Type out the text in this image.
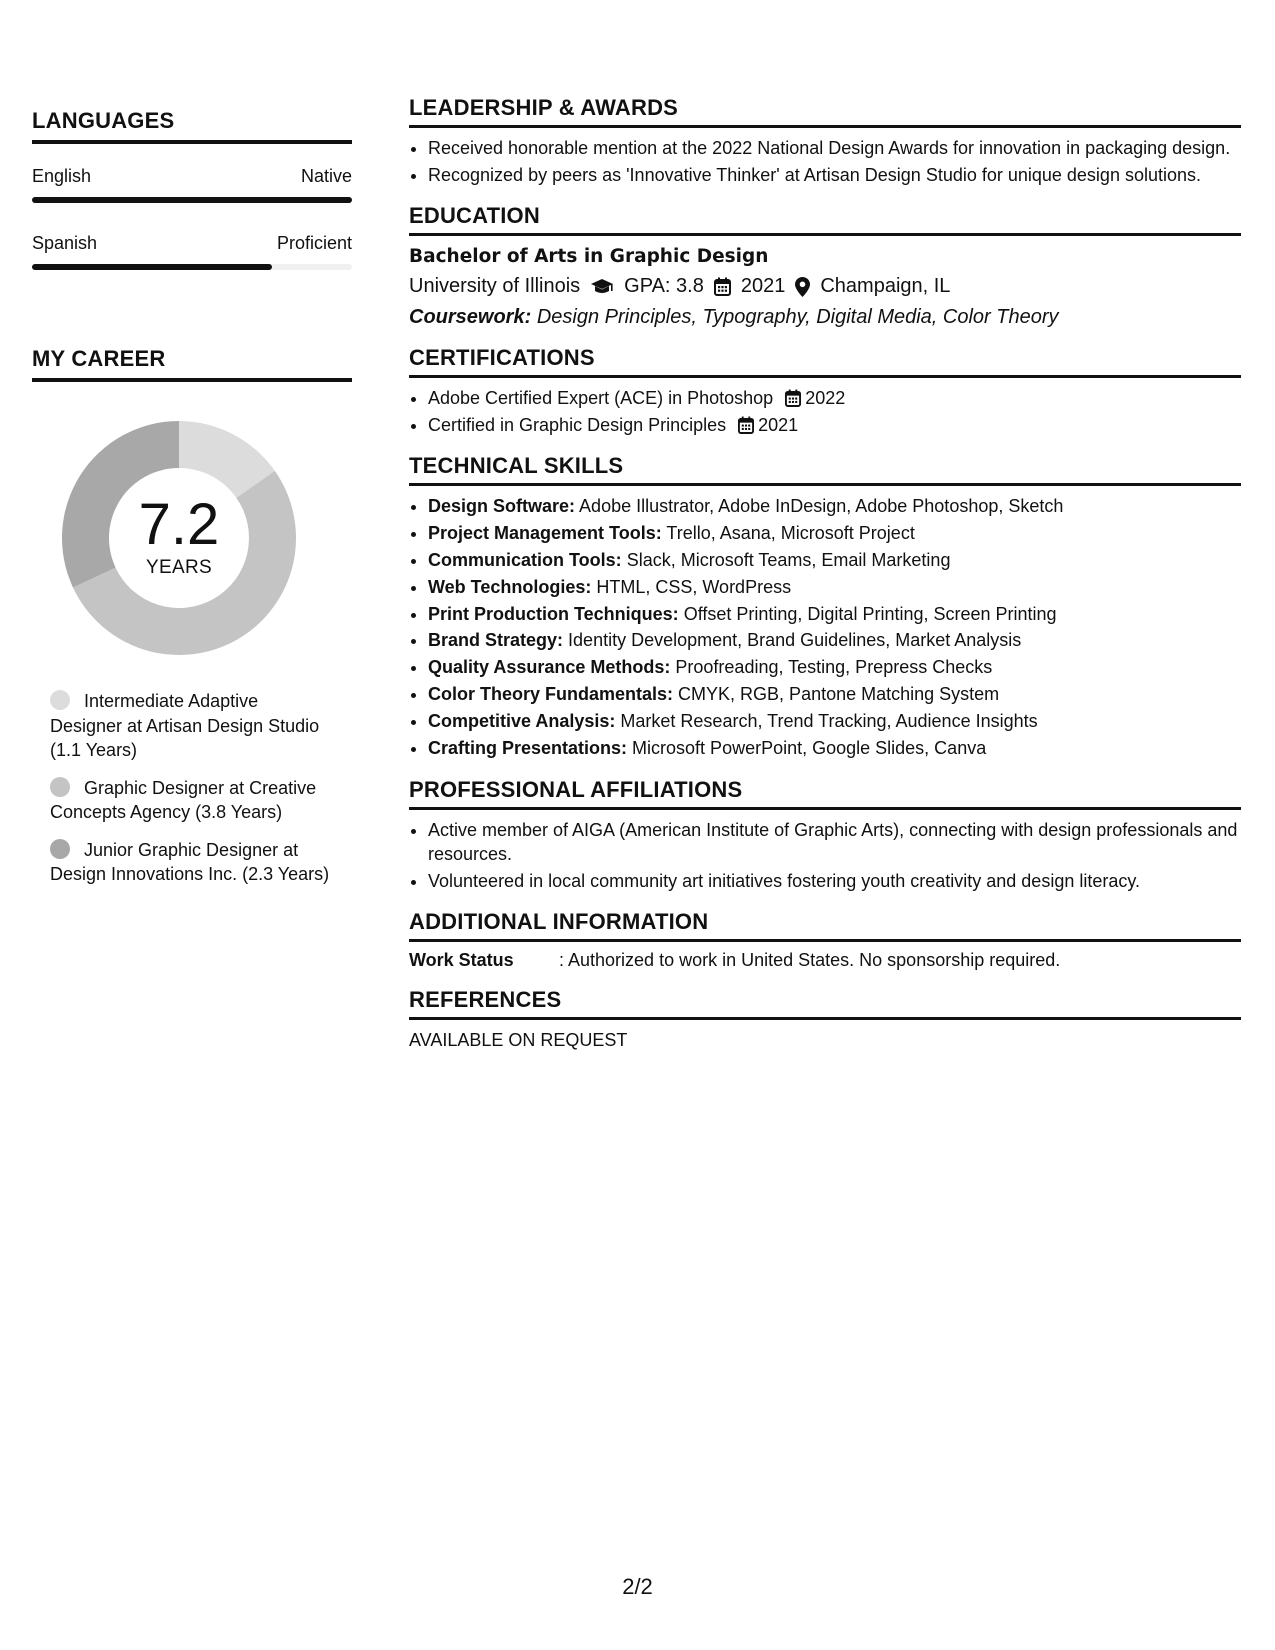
LANGUAGES
English	Native
Spanish	Proficient
MY CAREER
7.2
YEARS
Intermediate Adaptive Designer at Artisan Design Studio (1.1 Years)
Graphic Designer at Creative Concepts Agency (3.8 Years)
Junior Graphic Designer at Design Innovations Inc. (2.3 Years)
LEADERSHIP & AWARDS
• Received honorable mention at the 2022 National Design Awards for innovation in packaging design.
• Recognized by peers as 'Innovative Thinker' at Artisan Design Studio for unique design solutions.
EDUCATION
Bachelor of Arts in Graphic Design
University of Illinois GPA: 3.8 2021 Champaign, IL
Coursework: Design Principles, Typography, Digital Media, Color Theory
CERTIFICATIONS
• Adobe Certified Expert (ACE) in Photoshop 2022
• Certified in Graphic Design Principles 2021
TECHNICAL SKILLS
• Design Software: Adobe Illustrator, Adobe InDesign, Adobe Photoshop, Sketch
• Project Management Tools: Trello, Asana, Microsoft Project
• Communication Tools: Slack, Microsoft Teams, Email Marketing
• Web Technologies: HTML, CSS, WordPress
• Print Production Techniques: Offset Printing, Digital Printing, Screen Printing
• Brand Strategy: Identity Development, Brand Guidelines, Market Analysis
• Quality Assurance Methods: Proofreading, Testing, Prepress Checks
• Color Theory Fundamentals: CMYK, RGB, Pantone Matching System
• Competitive Analysis: Market Research, Trend Tracking, Audience Insights
• Crafting Presentations: Microsoft PowerPoint, Google Slides, Canva
PROFESSIONAL AFFILIATIONS
• Active member of AIGA (American Institute of Graphic Arts), connecting with design professionals and resources.
• Volunteered in local community art initiatives fostering youth creativity and design literacy.
ADDITIONAL INFORMATION
Work Status	: Authorized to work in United States. No sponsorship required.
REFERENCES
AVAILABLE ON REQUEST
2/2
